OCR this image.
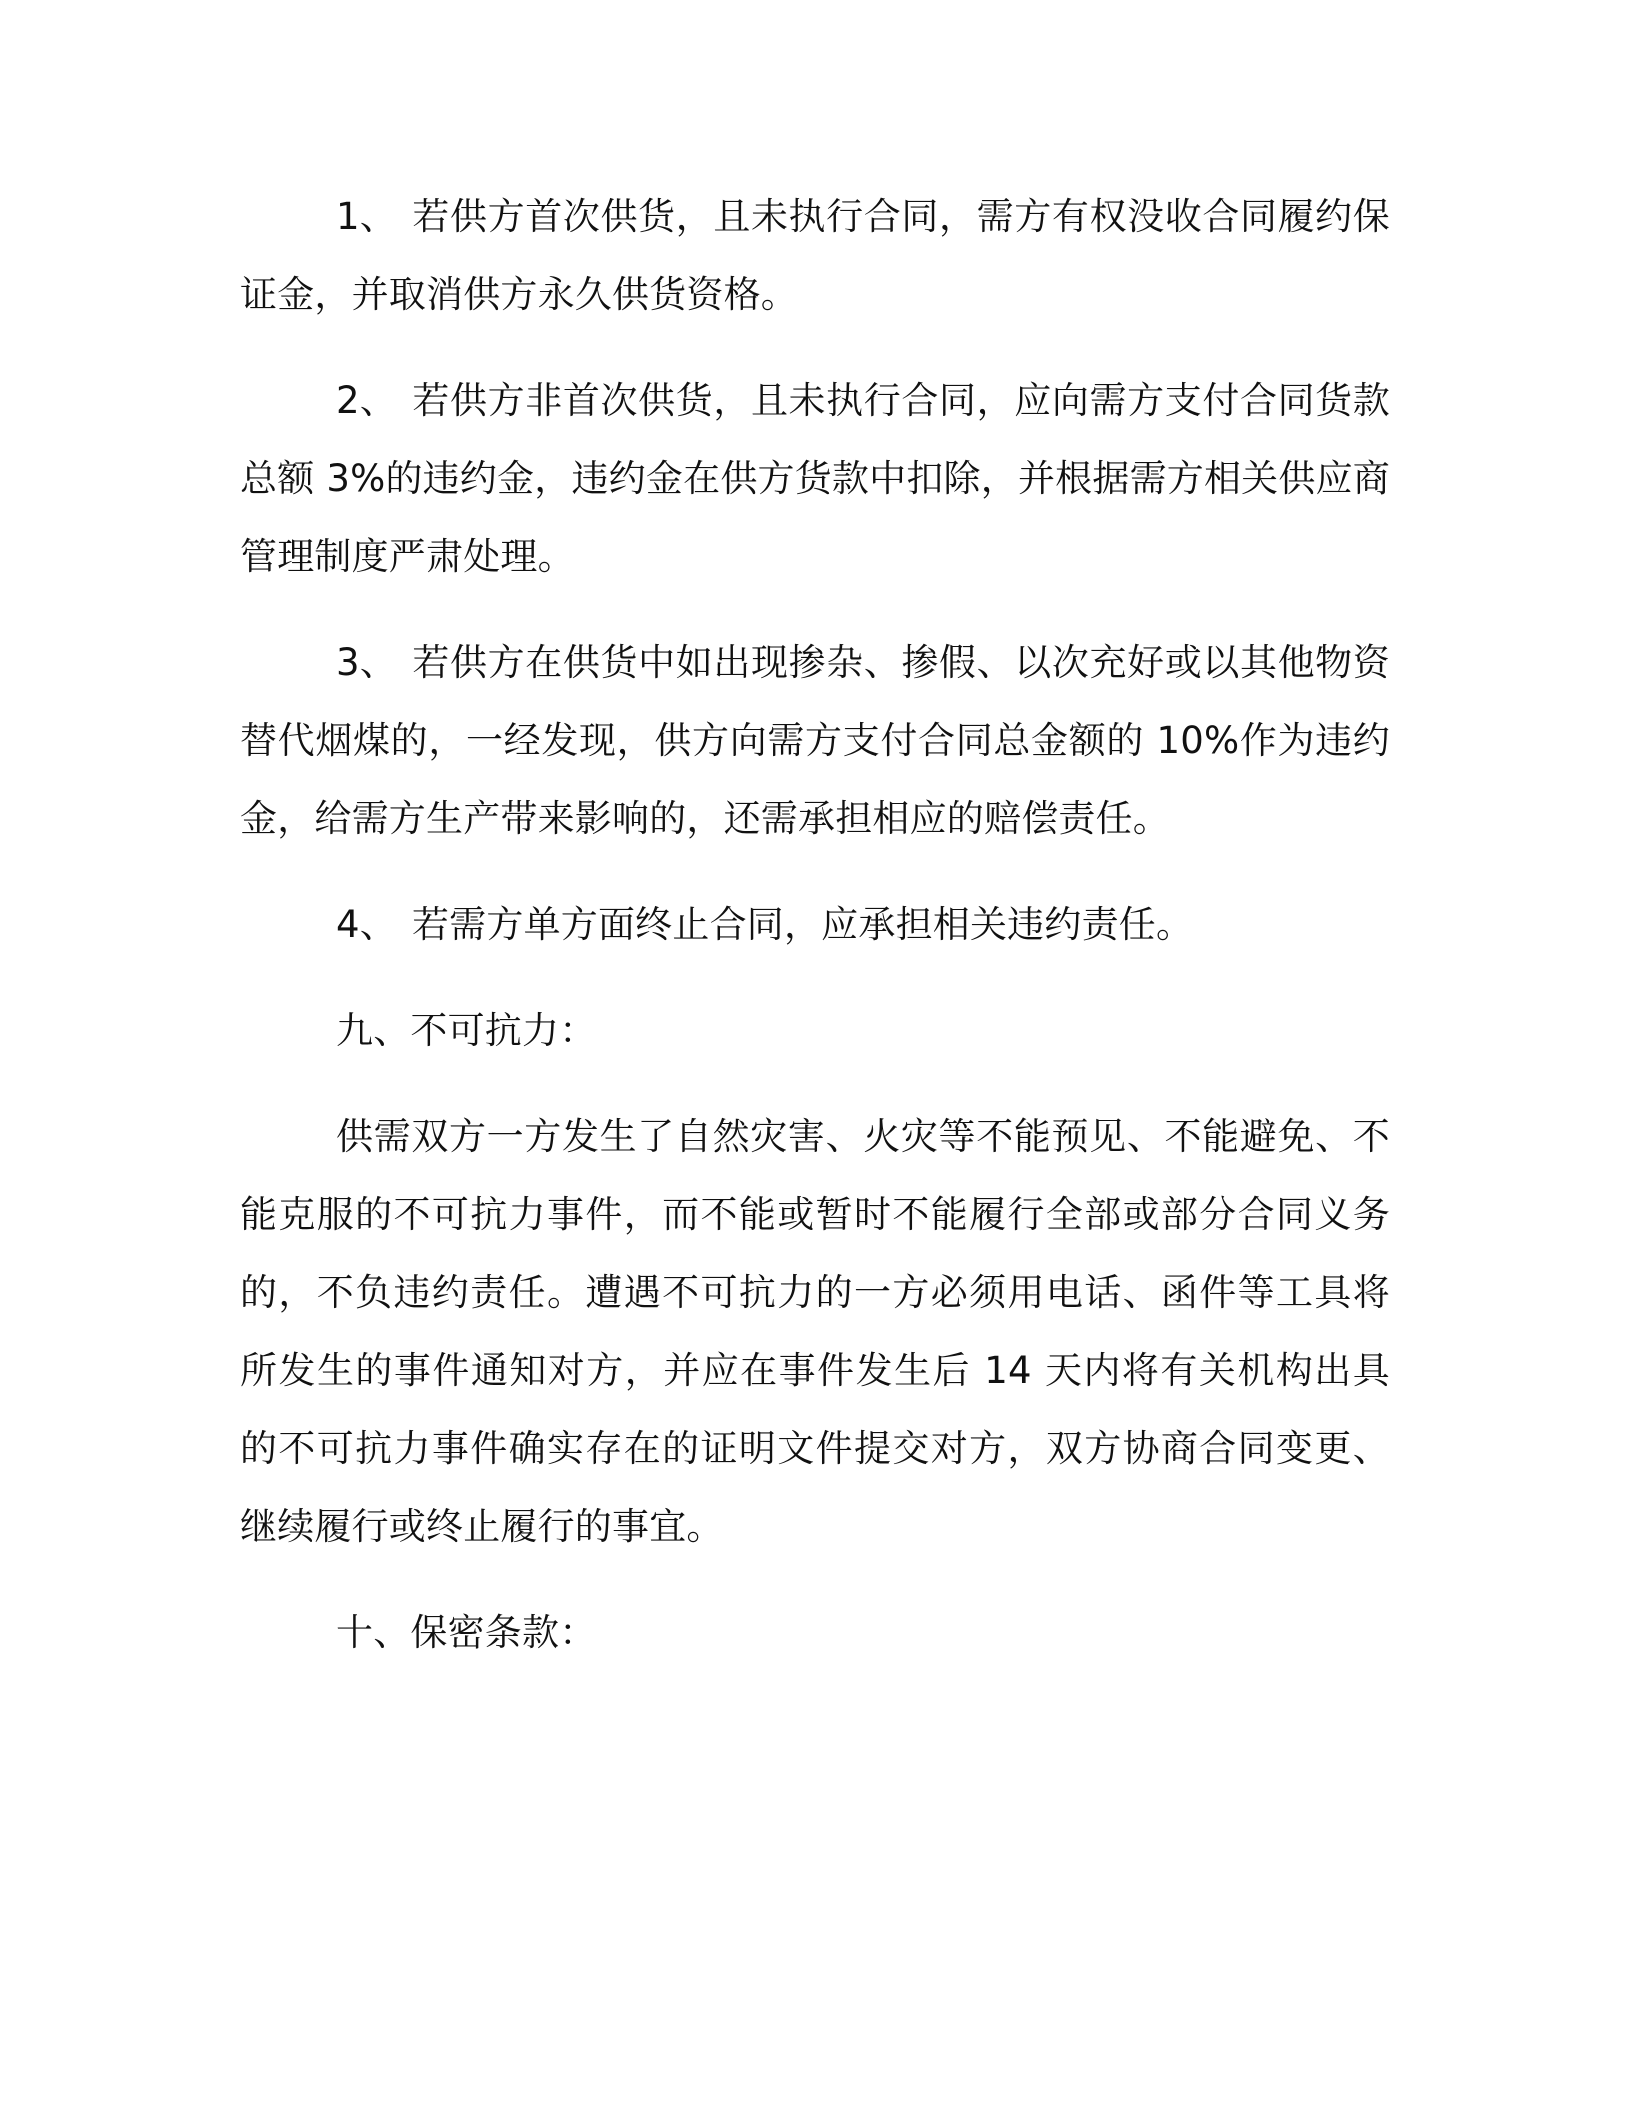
1、 若供方首次供货，且未执行合同，需方有权没收合同履约保证金，并取消供方永久供货资格。

2、 若供方非首次供货，且未执行合同，应向需方支付合同货款总额 3%的违约金，违约金在供方货款中扣除，并根据需方相关供应商管理制度严肃处理。

3、 若供方在供货中如出现掺杂、掺假、以次充好或以其他物资替代烟煤的，一经发现，供方向需方支付合同总金额的 10%作为违约金，给需方生产带来影响的，还需承担相应的赔偿责任。

4、 若需方单方面终止合同，应承担相关违约责任。

九、不可抗力：

供需双方一方发生了自然灾害、火灾等不能预见、不能避免、不能克服的不可抗力事件，而不能或暂时不能履行全部或部分合同义务的，不负违约责任。遭遇不可抗力的一方必须用电话、函件等工具将所发生的事件通知对方，并应在事件发生后 14 天内将有关机构出具的不可抗力事件确实存在的证明文件提交对方，双方协商合同变更、继续履行或终止履行的事宜。

十、保密条款：
